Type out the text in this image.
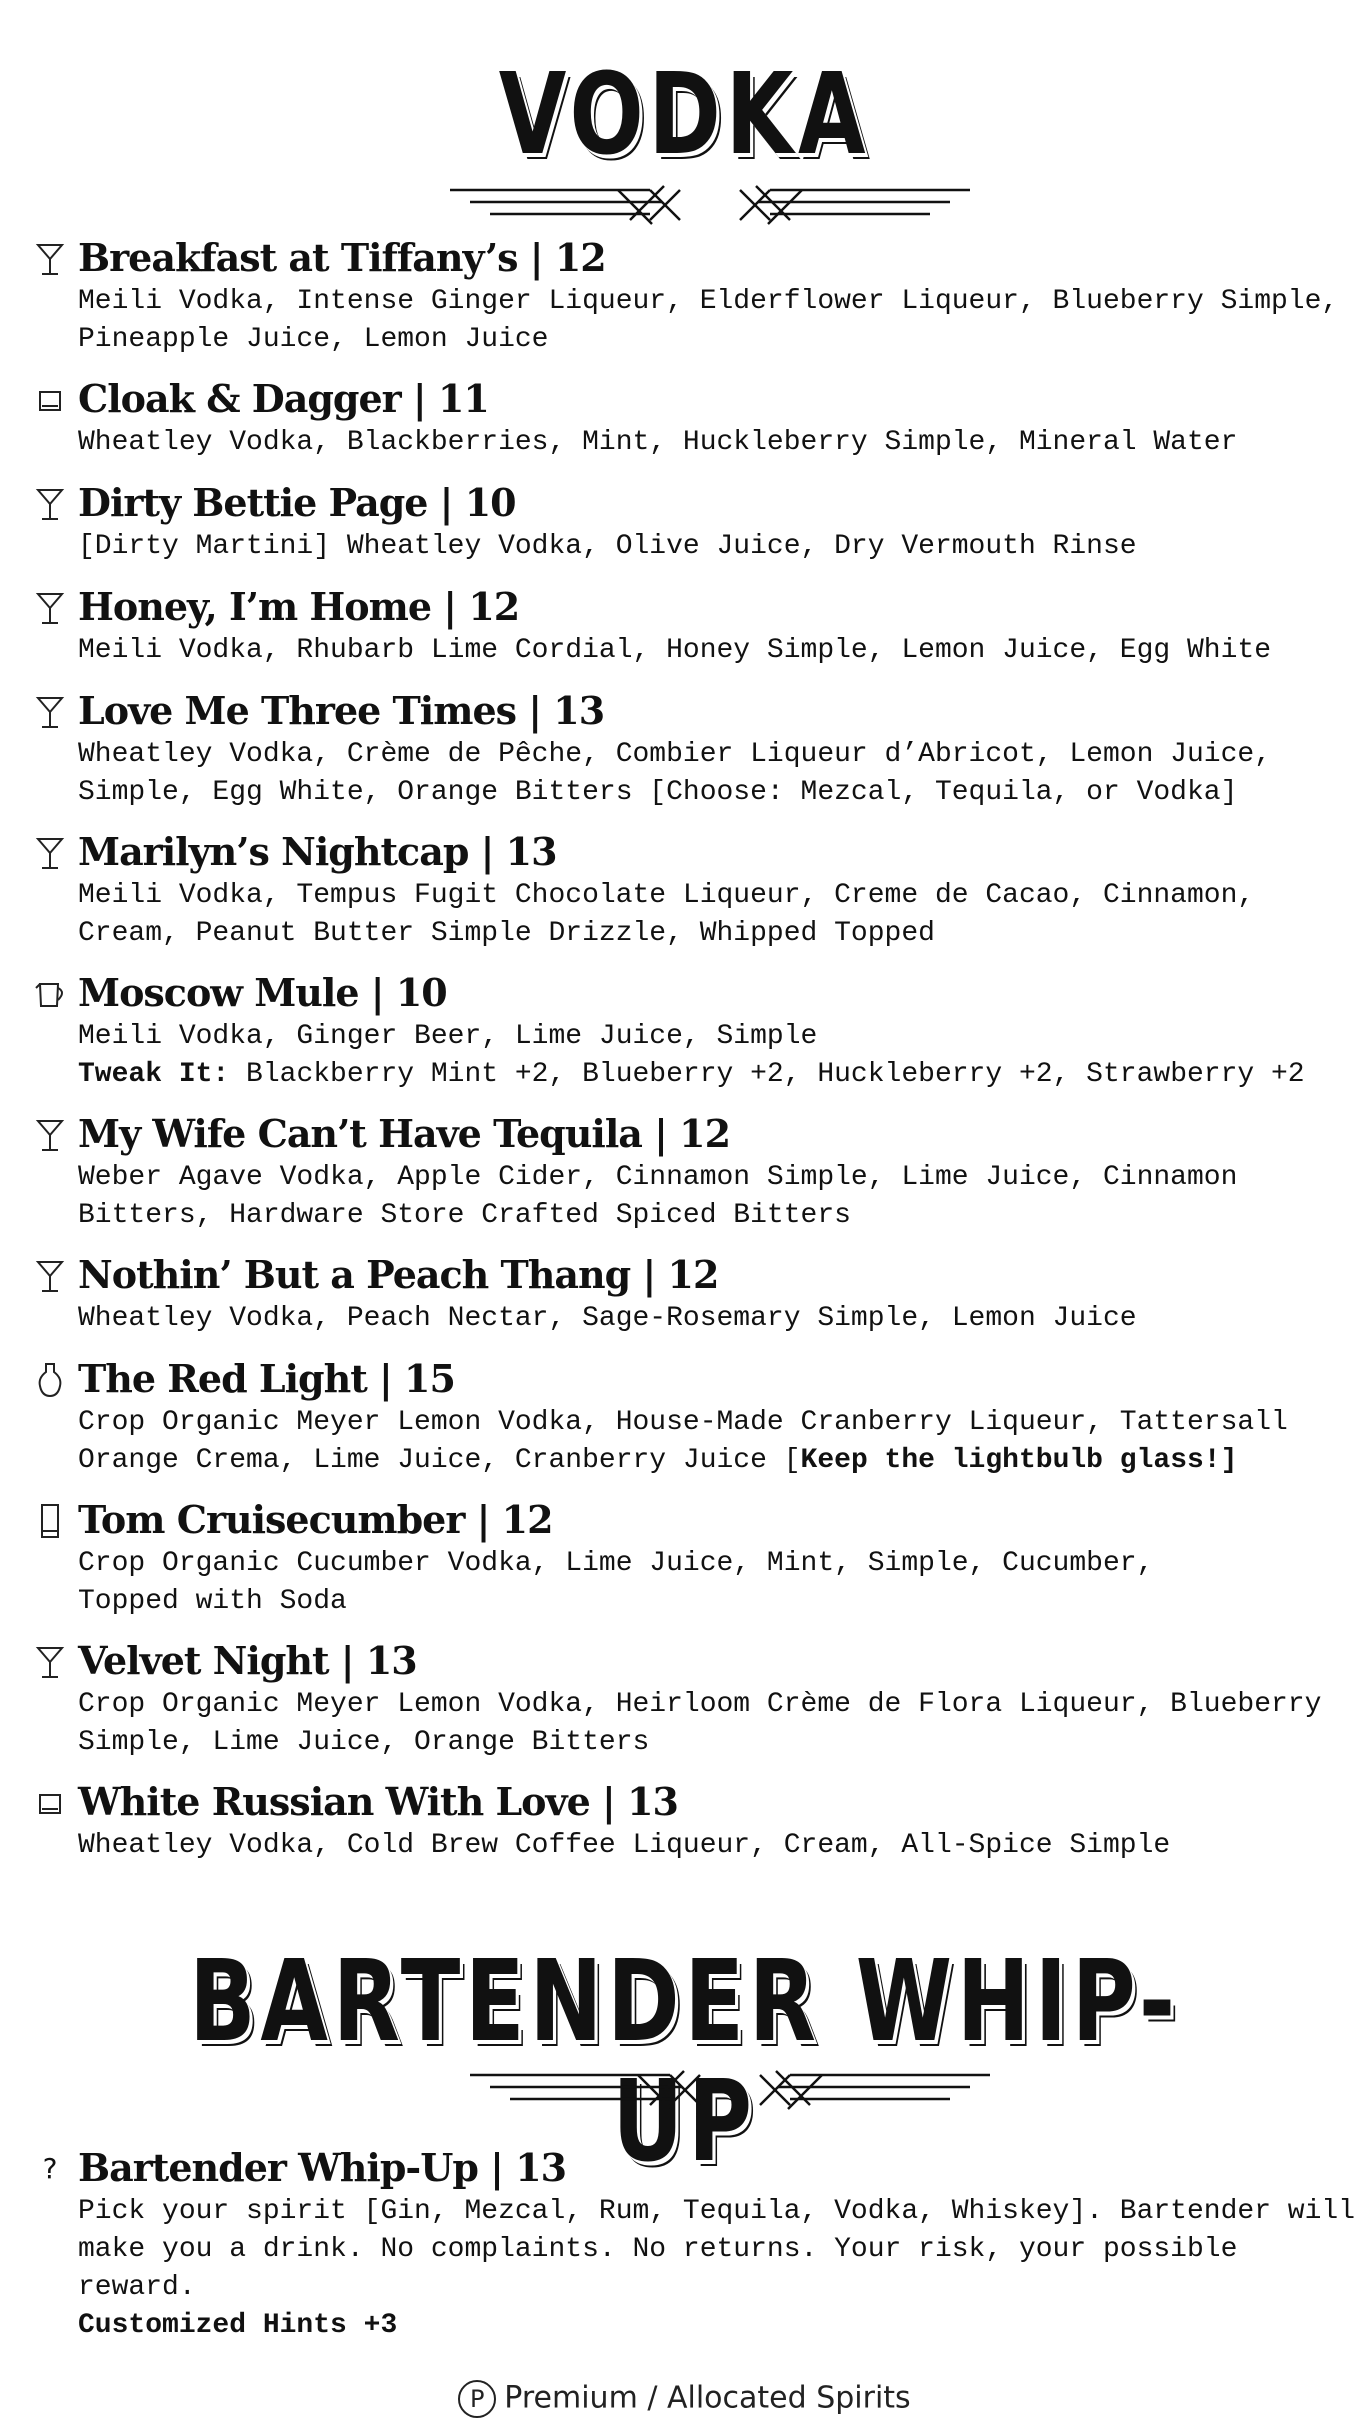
VODKA
Breakfast at Tiffany’s | 12
Meili Vodka, Intense Ginger Liqueur, Elderflower Liqueur, Blueberry Simple,
Pineapple Juice, Lemon Juice
Cloak & Dagger | 11
Wheatley Vodka, Blackberries, Mint, Huckleberry Simple, Mineral Water
Dirty Bettie Page | 10
[Dirty Martini] Wheatley Vodka, Olive Juice, Dry Vermouth Rinse
Honey, I’m Home | 12
Meili Vodka, Rhubarb Lime Cordial, Honey Simple, Lemon Juice, Egg White
Love Me Three Times | 13
Wheatley Vodka, Crème de Pêche, Combier Liqueur d’Abricot, Lemon Juice,
Simple, Egg White, Orange Bitters [Choose: Mezcal, Tequila, or Vodka]
Marilyn’s Nightcap | 13
Meili Vodka, Tempus Fugit Chocolate Liqueur, Creme de Cacao, Cinnamon,
Cream, Peanut Butter Simple Drizzle, Whipped Topped
Moscow Mule | 10
Meili Vodka, Ginger Beer, Lime Juice, Simple
Tweak It: Blackberry Mint +2, Blueberry +2, Huckleberry +2, Strawberry +2
My Wife Can’t Have Tequila | 12
Weber Agave Vodka, Apple Cider, Cinnamon Simple, Lime Juice, Cinnamon
Bitters, Hardware Store Crafted Spiced Bitters
Nothin’ But a Peach Thang | 12
Wheatley Vodka, Peach Nectar, Sage-Rosemary Simple, Lemon Juice
The Red Light | 15
Crop Organic Meyer Lemon Vodka, House-Made Cranberry Liqueur, Tattersall
Orange Crema, Lime Juice, Cranberry Juice [Keep the lightbulb glass!]
Tom Cruisecumber | 12
Crop Organic Cucumber Vodka, Lime Juice, Mint, Simple, Cucumber,
Topped with Soda
Velvet Night | 13
Crop Organic Meyer Lemon Vodka, Heirloom Crème de Flora Liqueur, Blueberry
Simple, Lime Juice, Orange Bitters
White Russian With Love | 13
Wheatley Vodka, Cold Brew Coffee Liqueur, Cream, All-Spice Simple
BARTENDER WHIP-UP
? Bartender Whip-Up | 13
Pick your spirit [Gin, Mezcal, Rum, Tequila, Vodka, Whiskey]. Bartender will
make you a drink. No complaints. No returns. Your risk, your possible reward.
Customized Hints +3
P Premium / Allocated Spirits
